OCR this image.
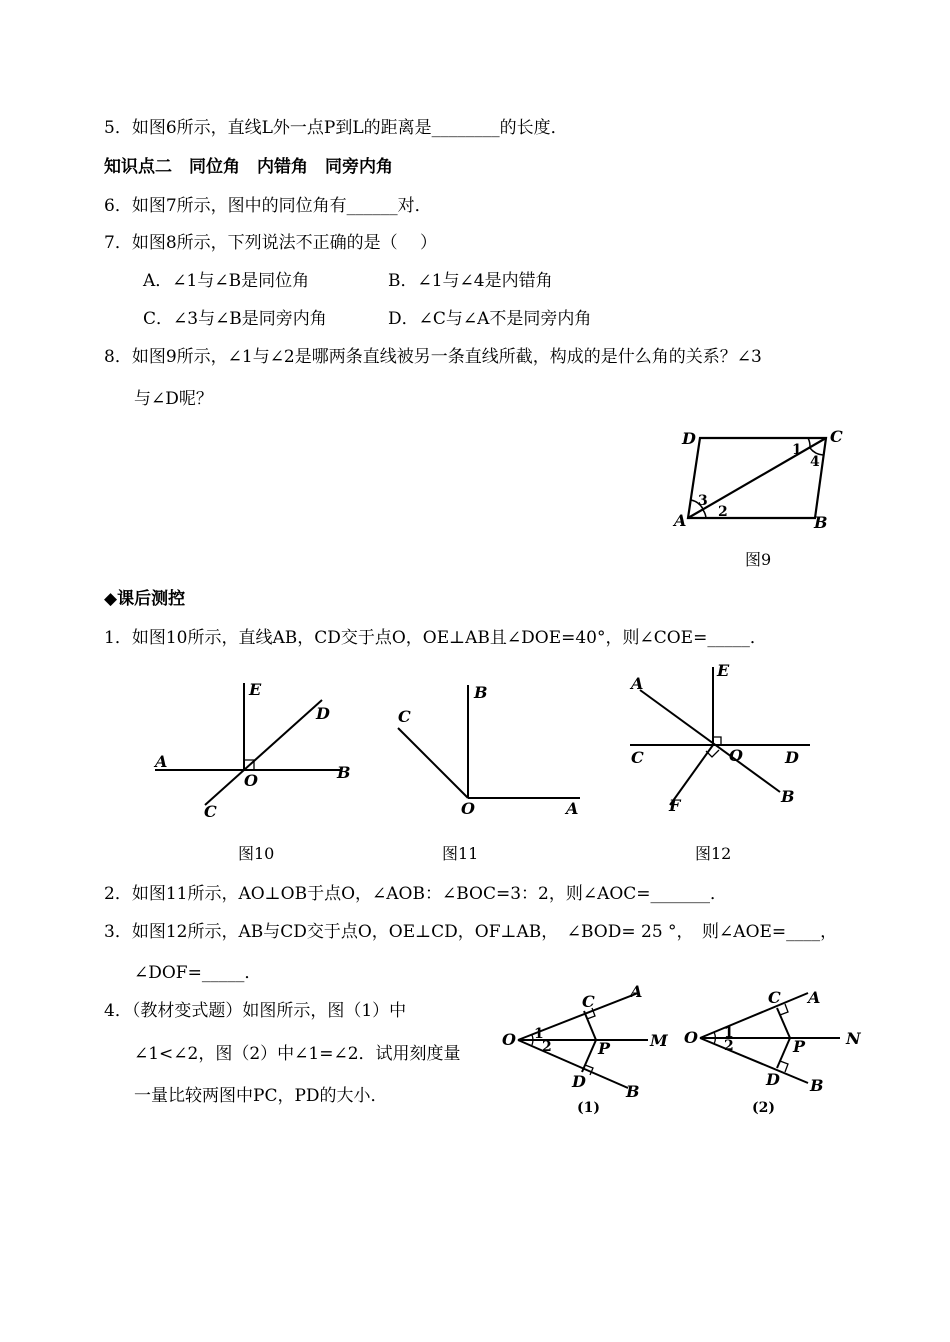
5．如图6所示，直线L外一点P到L的距离是________的长度．
知识点二　同位角　内错角　同旁内角
6．如图7所示，图中的同位角有______对．
7．如图8所示，下列说法不正确的是（　 ）
A．∠1与∠B是同位角	B．∠1与∠4是内错角
C．∠3与∠B是同旁内角	D．∠C与∠A不是同旁内角
8．如图9所示，∠1与∠2是哪两条直线被另一条直线所截，构成的是什么角的关系？∠3
与∠D呢？
D	C
A	B
1
4
3
2
图9
◆课后测控
1．如图10所示，直线AB，CD交于点O，OE⊥AB且∠DOE=40°，则∠COE=_____．
A
B
C
D
E
O
图10
A
B
C
O
图11
A
B
C	D
E
F
O
图12
2．如图11所示，AO⊥OB于点O，∠AOB：∠BOC=3：2，则∠AOC=_______．
3．如图12所示，AB与CD交于点O，OE⊥CD，OF⊥AB，　∠BOD= 25 °，　则∠AOE=____，
∠DOF=_____．
4．（教材变式题）如图所示，图（1）中
∠1<∠2，图（2）中∠1=∠2．试用刻度量
一量比较两图中PC，PD的大小．
O
A
B
C
D
P M
1
2
(1)
O
A
B
C
D
P	N
1
2
(2)
